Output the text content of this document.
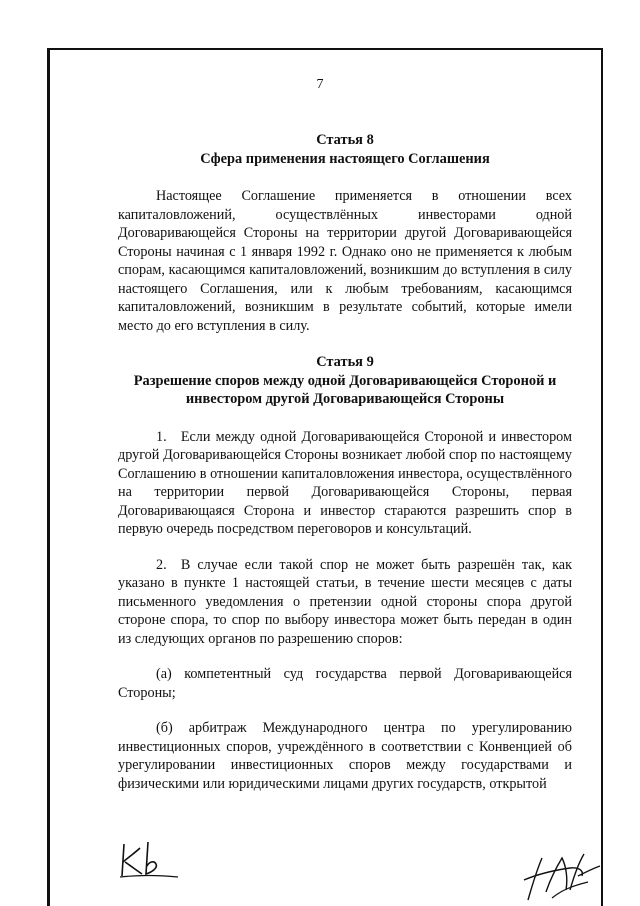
7
Статья 8
Сфера применения настоящего Соглашения

Настоящее Соглашение применяется в отношении всех капиталовложений, осуществлённых инвесторами одной Договаривающейся Стороны на территории другой Договаривающейся Стороны начиная с 1 января 1992 г. Однако оно не применяется к любым спорам, касающимся капиталовложений, возникшим до вступления в силу настоящего Соглашения, или к любым требованиям, касающимся капиталовложений, возникшим в результате событий, которые имели место до его вступления в силу.

Статья 9
Разрешение споров между одной Договаривающейся Стороной и
инвестором другой Договаривающейся Стороны

1. Если между одной Договаривающейся Стороной и инвестором другой Договаривающейся Стороны возникает любой спор по настоящему Соглашению в отношении капиталовложения инвестора, осуществлённого на территории первой Договаривающейся Стороны, первая Договаривающаяся Сторона и инвестор стараются разрешить спор в первую очередь посредством переговоров и консультаций.

2. В случае если такой спор не может быть разрешён так, как указано в пункте 1 настоящей статьи, в течение шести месяцев с даты письменного уведомления о претензии одной стороны спора другой стороне спора, то спор по выбору инвестора может быть передан в один из следующих органов по разрешению споров:

(а) компетентный суд государства первой Договаривающейся Стороны;

(б) арбитраж Международного центра по урегулированию инвестиционных споров, учреждённого в соответствии с Конвенцией об урегулировании инвестиционных споров между государствами и физическими или юридическими лицами других государств, открытой
